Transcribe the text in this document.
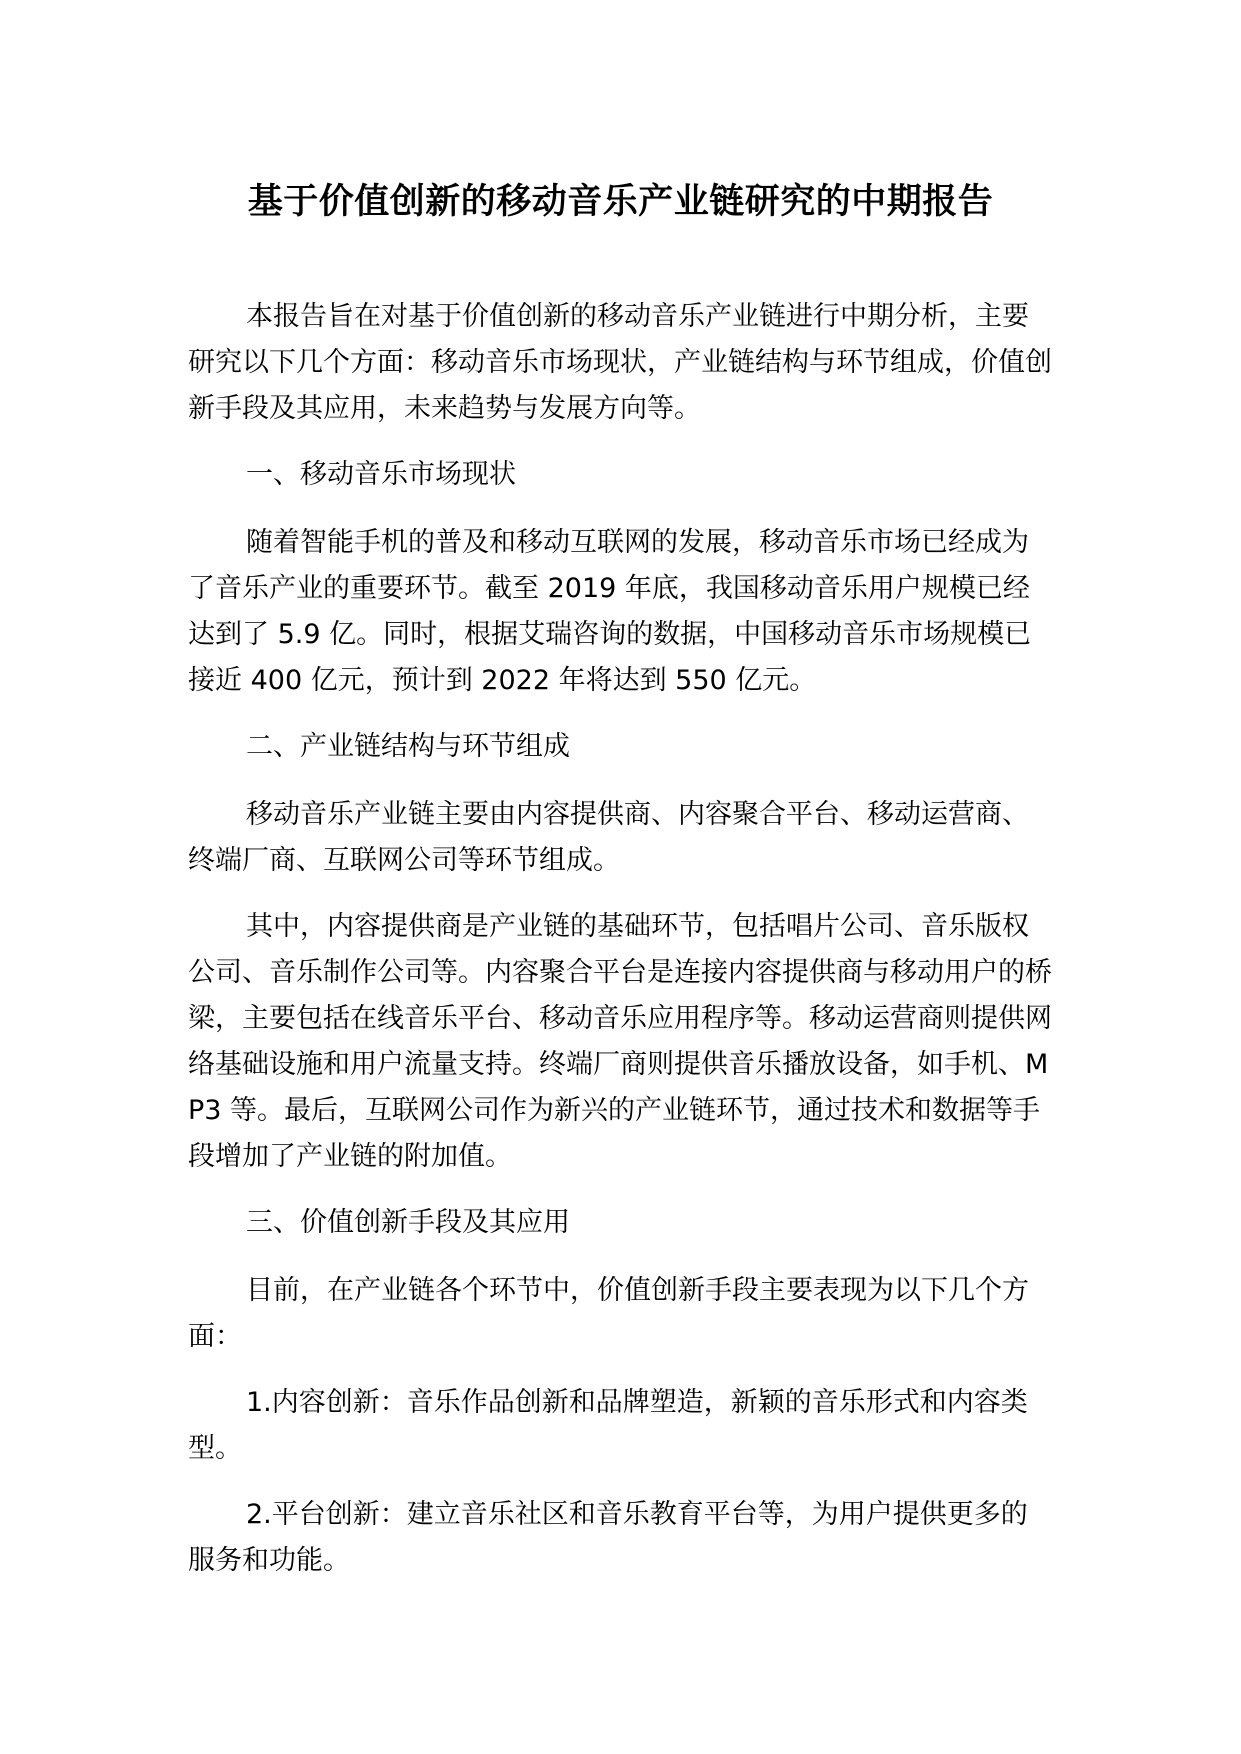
基于价值创新的移动音乐产业链研究的中期报告

本报告旨在对基于价值创新的移动音乐产业链进行中期分析，主要研究以下几个方面：移动音乐市场现状，产业链结构与环节组成，价值创新手段及其应用，未来趋势与发展方向等。

一、移动音乐市场现状

随着智能手机的普及和移动互联网的发展，移动音乐市场已经成为了音乐产业的重要环节。截至 2019 年底，我国移动音乐用户规模已经达到了 5.9 亿。同时，根据艾瑞咨询的数据，中国移动音乐市场规模已接近 400 亿元，预计到 2022 年将达到 550 亿元。

二、产业链结构与环节组成

移动音乐产业链主要由内容提供商、内容聚合平台、移动运营商、终端厂商、互联网公司等环节组成。

其中，内容提供商是产业链的基础环节，包括唱片公司、音乐版权公司、音乐制作公司等。内容聚合平台是连接内容提供商与移动用户的桥梁，主要包括在线音乐平台、移动音乐应用程序等。移动运营商则提供网络基础设施和用户流量支持。终端厂商则提供音乐播放设备，如手机、MP3 等。最后，互联网公司作为新兴的产业链环节，通过技术和数据等手段增加了产业链的附加值。

三、价值创新手段及其应用

目前，在产业链各个环节中，价值创新手段主要表现为以下几个方面：

1.内容创新：音乐作品创新和品牌塑造，新颖的音乐形式和内容类型。

2.平台创新：建立音乐社区和音乐教育平台等，为用户提供更多的服务和功能。
